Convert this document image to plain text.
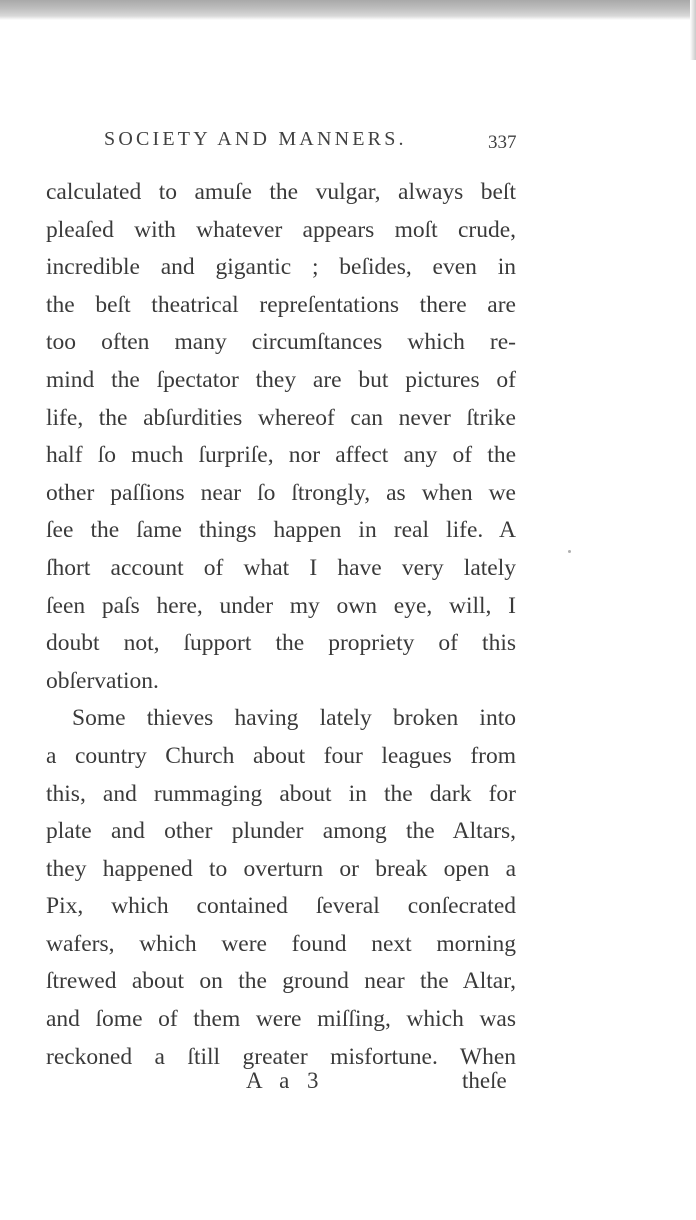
SOCIETY AND MANNERS.	337
calculated to amuſe the vulgar, always beſt
pleaſed with whatever appears moſt crude,
incredible and gigantic ; beſides, even in
the beſt theatrical repreſentations there are
too often many circumſtances which re-
mind the ſpectator they are but pictures of
life, the abſurdities whereof can never ſtrike
half ſo much ſurpriſe, nor affect any of the
other paſſions near ſo ſtrongly, as when we
ſee the ſame things happen in real life. A
ſhort account of what I have very lately
ſeen paſs here, under my own eye, will, I
doubt not, ſupport the propriety of this
obſervation.
Some thieves having lately broken into
a country Church about four leagues from
this, and rummaging about in the dark for
plate and other plunder among the Altars,
they happened to overturn or break open a
Pix, which contained ſeveral conſecrated
wafers, which were found next morning
ſtrewed about on the ground near the Altar,
and ſome of them were miſſing, which was
reckoned a ſtill greater misfortune. When
A a 3	theſe
